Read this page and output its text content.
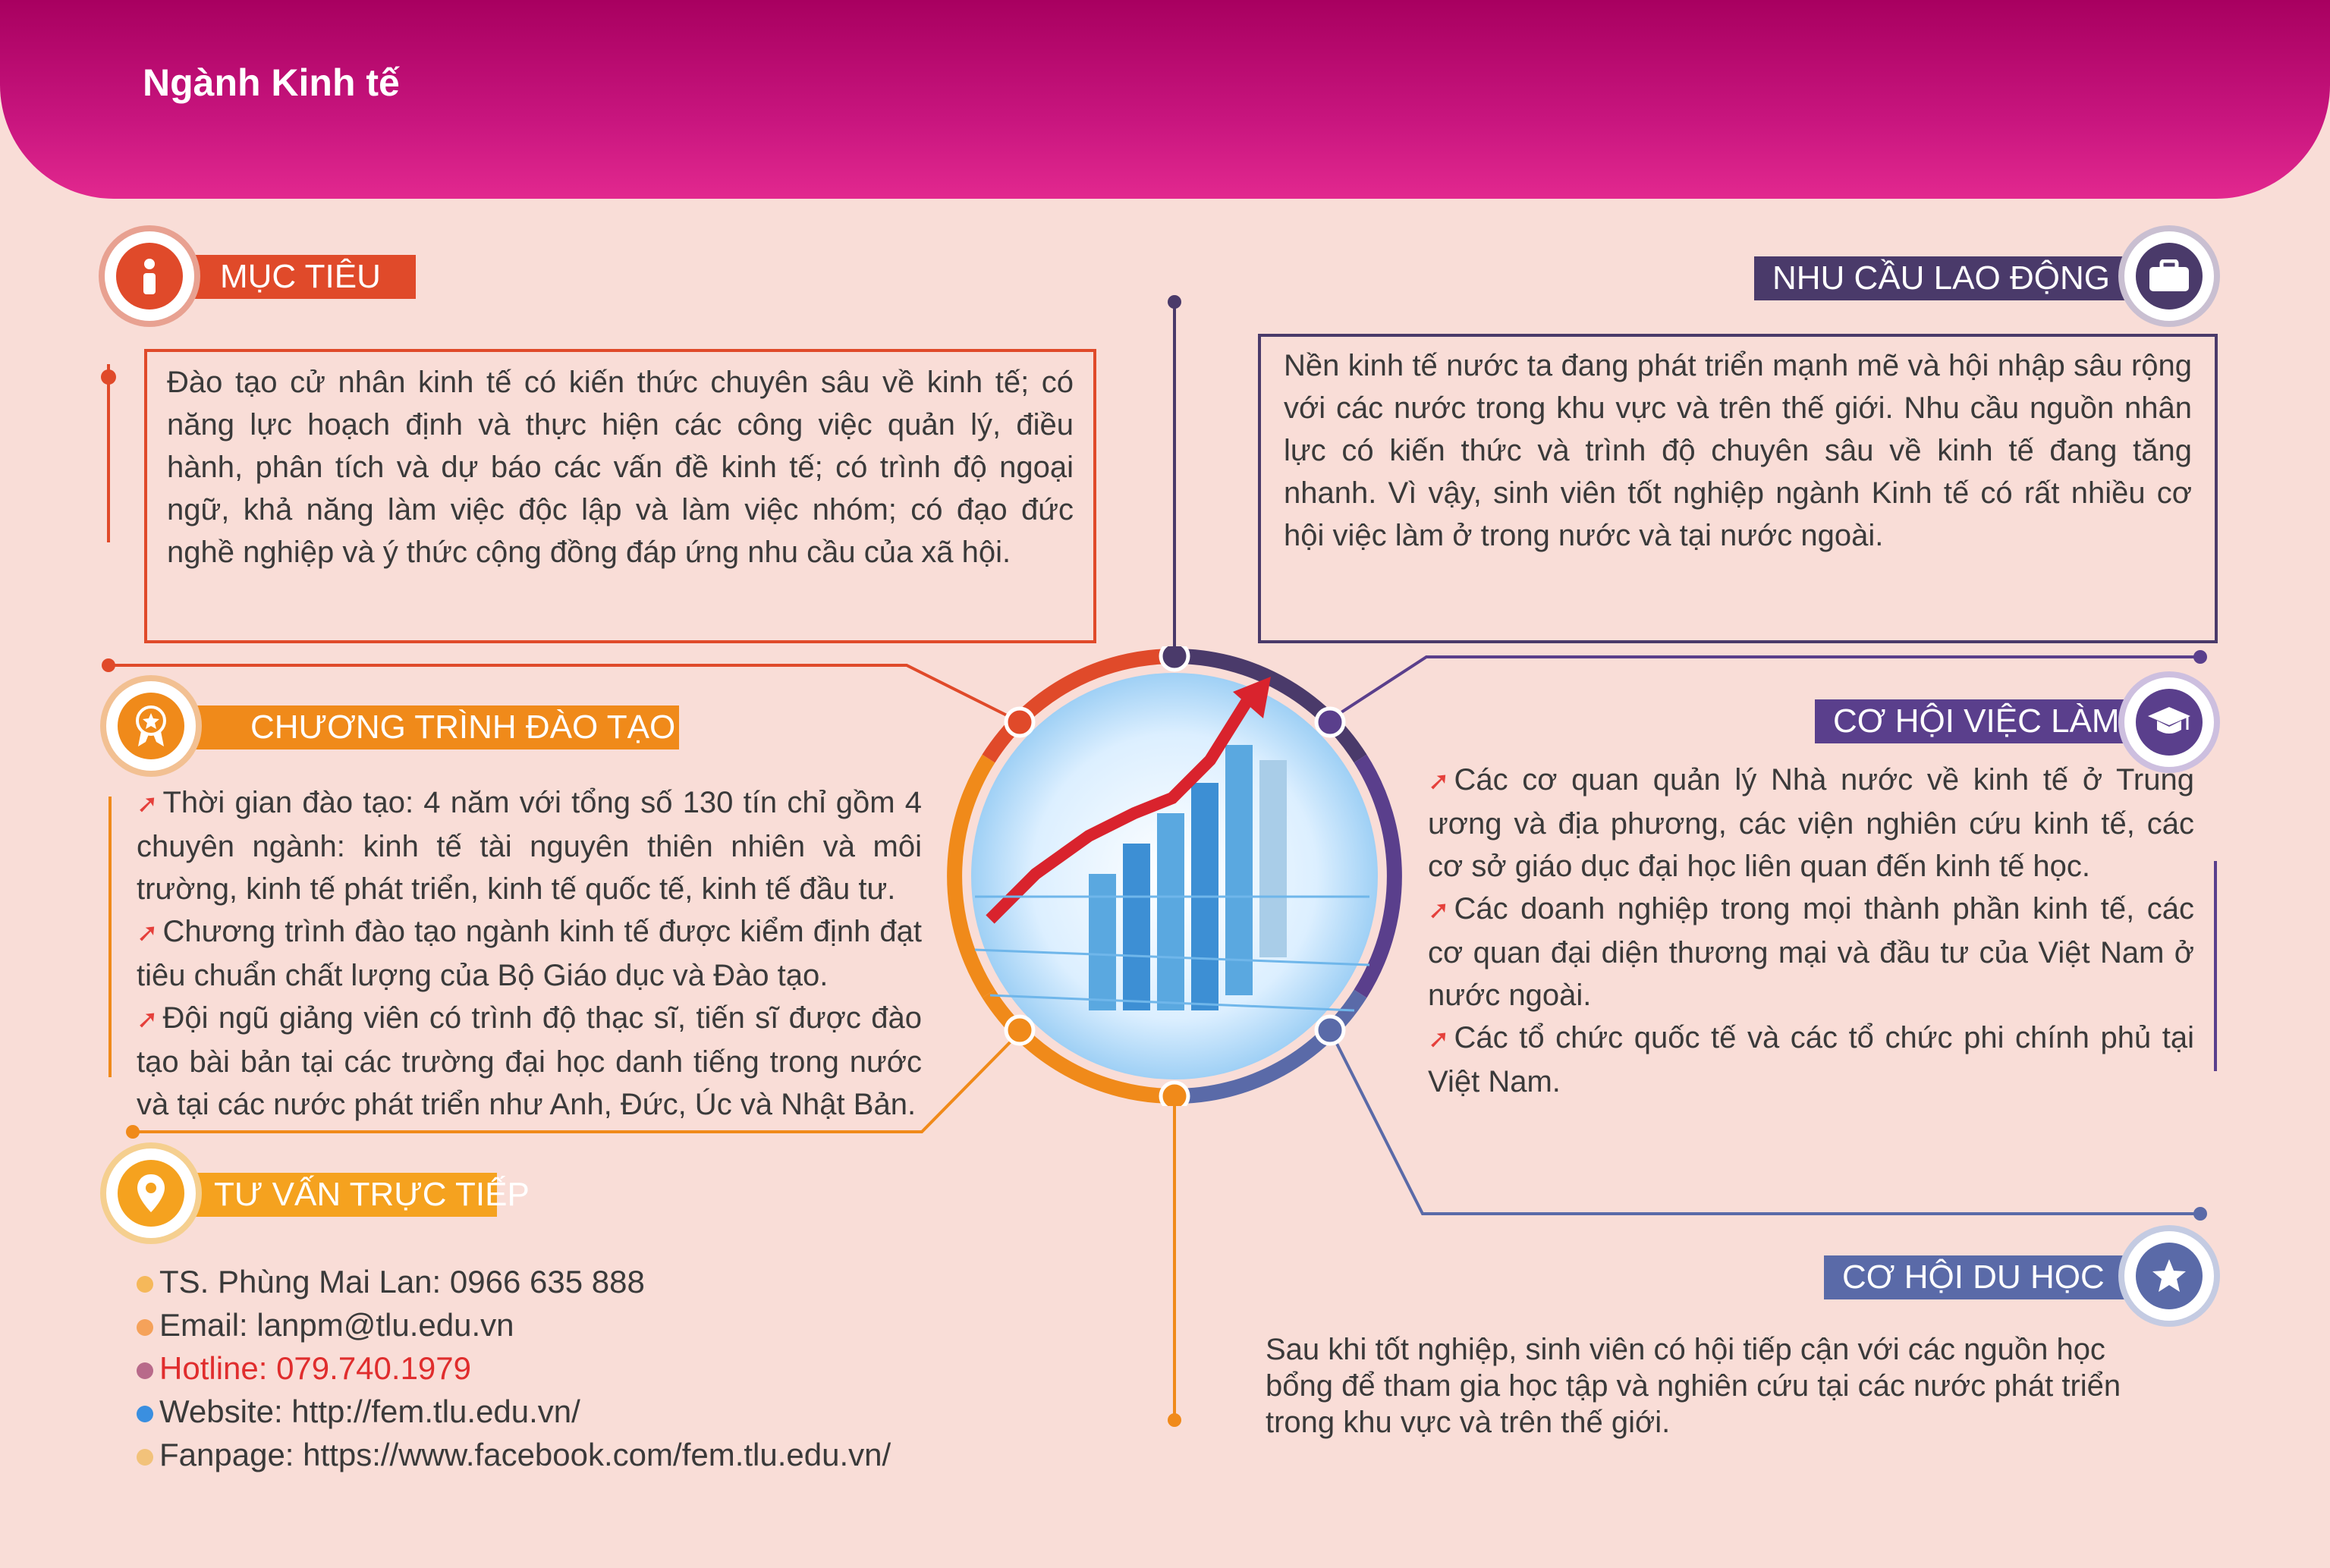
Ngành Kinh tế
MỤC TIÊU
Đào tạo cử nhân kinh tế có kiến thức chuyên sâu về kinh tế; có năng lực hoạch định và thực hiện các công việc quản lý, điều hành, phân tích và dự báo các vấn đề kinh tế; có trình độ ngoại ngữ, khả năng làm việc độc lập và làm việc nhóm; có đạo đức nghề nghiệp và ý thức cộng đồng đáp ứng nhu cầu của xã hội.
NHU CẦU LAO ĐỘNG
Nền kinh tế nước ta đang phát triển mạnh mẽ và hội nhập sâu rộng với các nước trong khu vực và trên thế giới. Nhu cầu nguồn nhân lực có kiến thức và trình độ chuyên sâu về kinh tế đang tăng nhanh. Vì vậy, sinh viên tốt nghiệp ngành Kinh tế có rất nhiều cơ hội việc làm ở trong nước và tại nước ngoài.
CHƯƠNG TRÌNH ĐÀO TẠO
➚ Thời gian đào tạo: 4 năm với tổng số 130 tín chỉ gồm 4 chuyên ngành: kinh tế tài nguyên thiên nhiên và môi trường, kinh tế phát triển, kinh tế quốc tế, kinh tế đầu tư.
➚ Chương trình đào tạo ngành kinh tế được kiểm định đạt tiêu chuẩn chất lượng của Bộ Giáo dục và Đào tạo.
➚ Đội ngũ giảng viên có trình độ thạc sĩ, tiến sĩ được đào tạo bài bản tại các trường đại học danh tiếng trong nước và tại các nước phát triển như Anh, Đức, Úc và Nhật Bản.
CƠ HỘI VIỆC LÀM
➚ Các cơ quan quản lý Nhà nước về kinh tế ở Trung ương và địa phương, các viện nghiên cứu kinh tế, các cơ sở giáo dục đại học liên quan đến kinh tế học.
➚ Các doanh nghiệp trong mọi thành phần kinh tế, các cơ quan đại diện thương mại và đầu tư của Việt Nam ở nước ngoài.
➚ Các tổ chức quốc tế và các tổ chức phi chính phủ tại Việt Nam.
TƯ VẤN TRỰC TIẾP
TS. Phùng Mai Lan: 0966 635 888
Email: lanpm@tlu.edu.vn
Hotline: 079.740.1979
Website: http://fem.tlu.edu.vn/
Fanpage: https://www.facebook.com/fem.tlu.edu.vn/
CƠ HỘI DU HỌC
Sau khi tốt nghiệp, sinh viên có hội tiếp cận với các nguồn học bổng để tham gia học tập và nghiên cứu tại các nước phát triển trong khu vực và trên thế giới.
